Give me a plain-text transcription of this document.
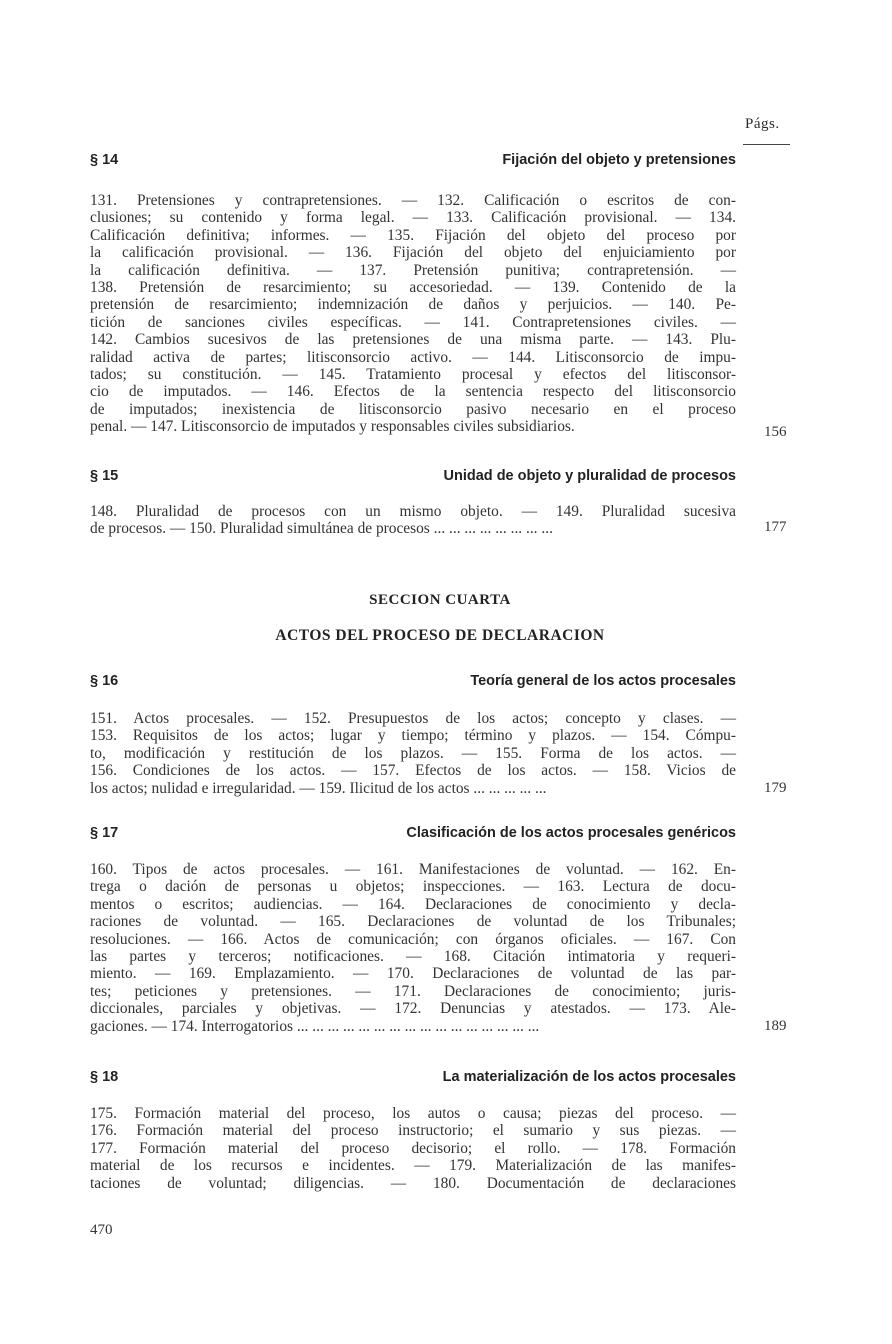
Págs.
§ 14	Fijación del objeto y pretensiones
131. Pretensiones y contrapretensiones. — 132. Calificación o escritos de con-
clusiones; su contenido y forma legal. — 133. Calificación provisional. — 134.
Calificación definitiva; informes. — 135. Fijación del objeto del proceso por
la calificación provisional. — 136. Fijación del objeto del enjuiciamiento por
la calificación definitiva. — 137. Pretensión punitiva; contrapretensión. —
138. Pretensión de resarcimiento; su accesoriedad. — 139. Contenido de la
pretensión de resarcimiento; indemnización de daños y perjuicios. — 140. Pe-
tición de sanciones civiles específicas. — 141. Contrapretensiones civiles. —
142. Cambios sucesivos de las pretensiones de una misma parte. — 143. Plu-
ralidad activa de partes; litisconsorcio activo. — 144. Litisconsorcio de impu-
tados; su constitución. — 145. Tratamiento procesal y efectos del litisconsor-
cio de imputados. — 146. Efectos de la sentencia respecto del litisconsorcio
de imputados; inexistencia de litisconsorcio pasivo necesario en el proceso
penal. — 147. Litisconsorcio de imputados y responsables civiles subsidiarios.	156
§ 15	Unidad de objeto y pluralidad de procesos
148. Pluralidad de procesos con un mismo objeto. — 149. Pluralidad sucesiva
de procesos. — 150. Pluralidad simultánea de procesos ... ... ... ... ... ... ... ...	177
SECCION CUARTA
ACTOS DEL PROCESO DE DECLARACION
§ 16	Teoría general de los actos procesales
151. Actos procesales. — 152. Presupuestos de los actos; concepto y clases. —
153. Requisitos de los actos; lugar y tiempo; término y plazos. — 154. Cómpu-
to, modificación y restitución de los plazos. — 155. Forma de los actos. —
156. Condiciones de los actos. — 157. Efectos de los actos. — 158. Vicios de
los actos; nulidad e irregularidad. — 159. Ilicitud de los actos ... ... ... ... ...	179
§ 17	Clasificación de los actos procesales genéricos
160. Tipos de actos procesales. — 161. Manifestaciones de voluntad. — 162. En-
trega o dación de personas u objetos; inspecciones. — 163. Lectura de docu-
mentos o escritos; audiencias. — 164. Declaraciones de conocimiento y decla-
raciones de voluntad. — 165. Declaraciones de voluntad de los Tribunales;
resoluciones. — 166. Actos de comunicación; con órganos oficiales. — 167. Con
las partes y terceros; notificaciones. — 168. Citación intimatoria y requeri-
miento. — 169. Emplazamiento. — 170. Declaraciones de voluntad de las par-
tes; peticiones y pretensiones. — 171. Declaraciones de conocimiento; juris-
diccionales, parciales y objetivas. — 172. Denuncias y atestados. — 173. Ale-
gaciones. — 174. Interrogatorios ... ... ... ... ... ... ... ... ... ... ... ... ... ... ... ...	189
§ 18	La materialización de los actos procesales
175. Formación material del proceso, los autos o causa; piezas del proceso. —
176. Formación material del proceso instructorio; el sumario y sus piezas. —
177. Formación material del proceso decisorio; el rollo. — 178. Formación
material de los recursos e incidentes. — 179. Materialización de las manifes-
taciones de voluntad; diligencias. — 180. Documentación de declaraciones
470
